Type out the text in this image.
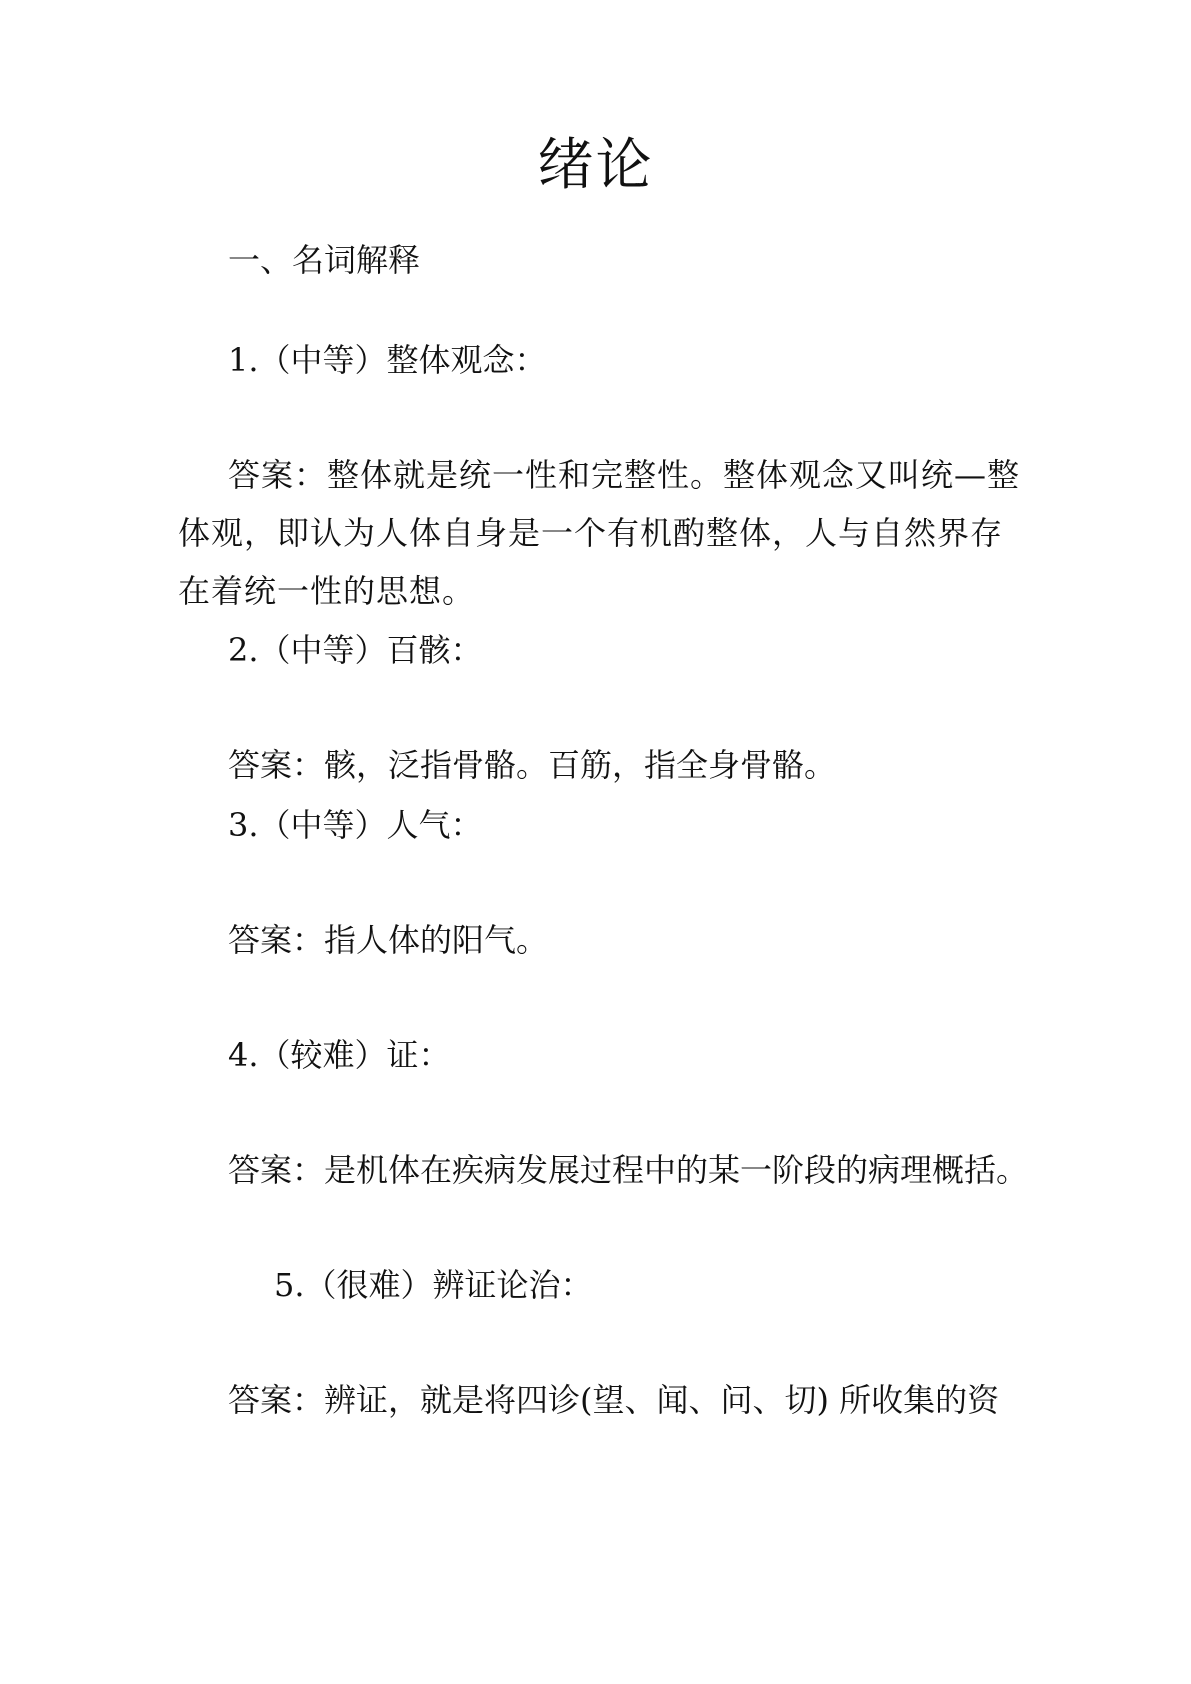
绪论
一、名词解释
1.（中等）整体观念：
答案：整体就是统一性和完整性。整体观念又叫统—整体观，即认为人体自身是一个有机酌整体，人与自然界存在着统一性的思想。
2.（中等）百骸：
答案：骸，泛指骨骼。百筋，指全身骨骼。
3.（中等）人气：
答案：指人体的阳气。
4.（较难）证：
答案：是机体在疾病发展过程中的某一阶段的病理概括。
5.（很难）辨证论治：
答案：辨证，就是将四诊(望、闻、问、切) 所收集的资
